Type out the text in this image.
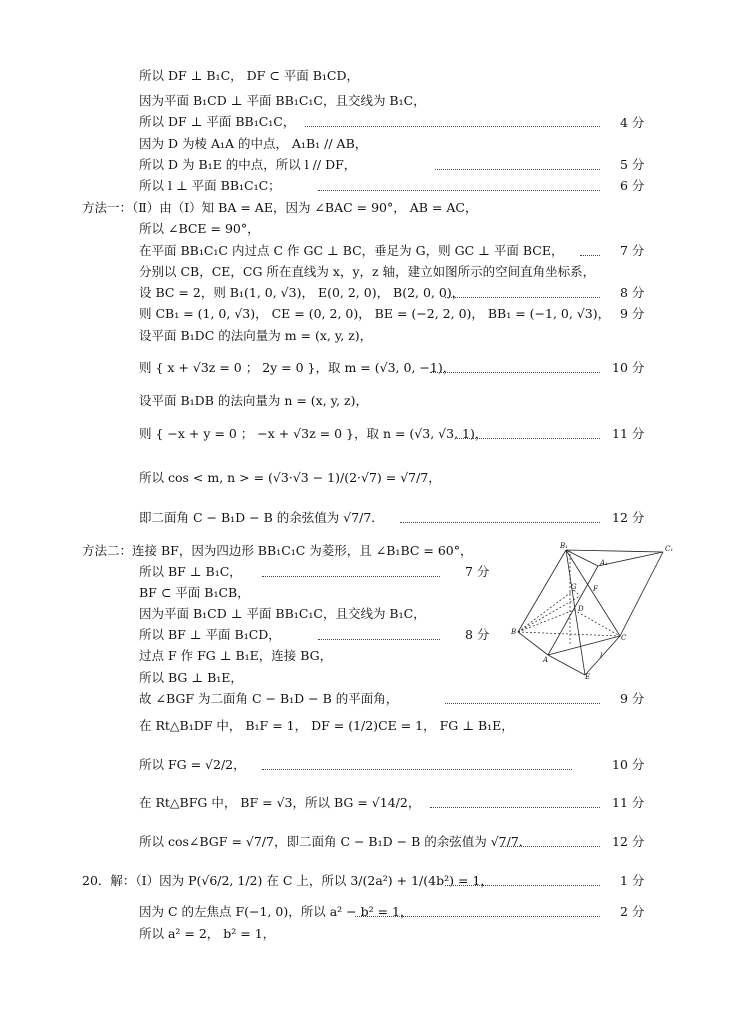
所以 DF ⊥ B₁C， DF ⊂ 平面 B₁CD，
因为平面 B₁CD ⊥ 平面 BB₁C₁C，且交线为 B₁C，
所以 DF ⊥ 平面 BB₁C₁C，	4 分
因为 D 为棱 A₁A 的中点， A₁B₁ // AB，
所以 D 为 B₁E 的中点，所以 l // DF，	5 分
所以 l ⊥ 平面 BB₁C₁C；	6 分
方法一：（Ⅱ）由（Ⅰ）知 BA = AE，因为 ∠BAC = 90°， AB = AC，
所以 ∠BCE = 90°，
在平面 BB₁C₁C 内过点 C 作 GC ⊥ BC，垂足为 G，则 GC ⊥ 平面 BCE，	7 分
分别以 CB，CE，CG 所在直线为 x，y，z 轴，建立如图所示的空间直角坐标系，
设 BC = 2，则 B₁(1, 0, √3)， E(0, 2, 0)， B(2, 0, 0)，	8 分
则 CB₁ = (1, 0, √3)， CE = (0, 2, 0)， BE = (−2, 2, 0)， BB₁ = (−1, 0, √3)， 9 分
设平面 B₁DC 的法向量为 m = (x, y, z)，
则 { x + √3z = 0 ； 2y = 0 }，取 m = (√3, 0, −1)，	10 分
设平面 B₁DB 的法向量为 n = (x, y, z)，
则 { −x + y = 0 ； −x + √3z = 0 }，取 n = (√3, √3, 1)，	11 分
所以 cos < m, n > = (√3·√3 − 1)/(2·√7) = √7/7，
即二面角 C − B₁D − B 的余弦值为 √7/7．	12 分
方法二：连接 BF，因为四边形 BB₁C₁C 为菱形，且 ∠B₁BC = 60°，
所以 BF ⊥ B₁C，	7 分
BF ⊂ 平面 B₁CB，
因为平面 B₁CD ⊥ 平面 BB₁C₁C，且交线为 B₁C，
所以 BF ⊥ 平面 B₁CD，	8 分
过点 F 作 FG ⊥ B₁E，连接 BG，
所以 BG ⊥ B₁E，
故 ∠BGF 为二面角 C − B₁D − B 的平面角，	9 分
在 Rt△B₁DF 中， B₁F = 1， DF = (1/2)CE = 1， FG ⊥ B₁E，
所以 FG = √2/2，	10 分
在 Rt△BFG 中， BF = √3，所以 BG = √14/2，	11 分
所以 cos∠BGF = √7/7，即二面角 C − B₁D − B 的余弦值为 √7/7．	12 分
20．解：（Ⅰ）因为 P(√6/2, 1/2) 在 C 上，所以 3/(2a²) + 1/(4b²) = 1，	1 分
因为 C 的左焦点 F(−1, 0)，所以 a² − b² = 1，	2 分
所以 a² = 2， b² = 1，
B₁	C₁
A₁
G F
D
B
C
A
E
l
